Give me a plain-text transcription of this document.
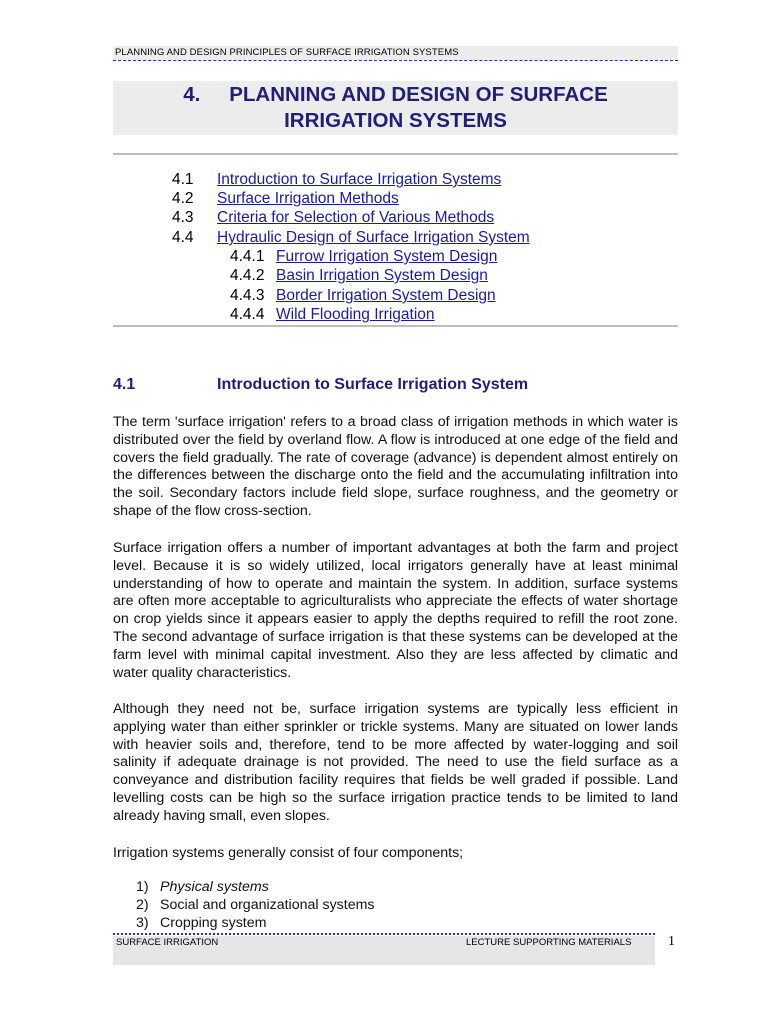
PLANNING AND DESIGN PRINCIPLES OF SURFACE IRRIGATION SYSTEMS
4. PLANNING AND DESIGN OF SURFACE
IRRIGATION SYSTEMS
4.1 Introduction to Surface Irrigation Systems
4.2 Surface Irrigation Methods
4.3 Criteria for Selection of Various Methods
4.4 Hydraulic Design of Surface Irrigation System
4.4.1 Furrow Irrigation System Design
4.4.2 Basin Irrigation System Design
4.4.3 Border Irrigation System Design
4.4.4 Wild Flooding Irrigation
4.1	Introduction to Surface Irrigation System
The term 'surface irrigation' refers to a broad class of irrigation methods in which water is distributed over the field by overland flow. A flow is introduced at one edge of the field and covers the field gradually. The rate of coverage (advance) is dependent almost entirely on the differences between the discharge onto the field and the accumulating infiltration into the soil. Secondary factors include field slope, surface roughness, and the geometry or shape of the flow cross-section.
Surface irrigation offers a number of important advantages at both the farm and project level. Because it is so widely utilized, local irrigators generally have at least minimal understanding of how to operate and maintain the system. In addition, surface systems are often more acceptable to agriculturalists who appreciate the effects of water shortage on crop yields since it appears easier to apply the depths required to refill the root zone. The second advantage of surface irrigation is that these systems can be developed at the farm level with minimal capital investment. Also they are less affected by climatic and water quality characteristics.
Although they need not be, surface irrigation systems are typically less efficient in applying water than either sprinkler or trickle systems. Many are situated on lower lands with heavier soils and, therefore, tend to be more affected by water-logging and soil salinity if adequate drainage is not provided. The need to use the field surface as a conveyance and distribution facility requires that fields be well graded if possible. Land levelling costs can be high so the surface irrigation practice tends to be limited to land already having small, even slopes.
Irrigation systems generally consist of four components;
1) Physical systems
2) Social and organizational systems
3) Cropping system
SURFACE IRRIGATION	LECTURE SUPPORTING MATERIALS	1
